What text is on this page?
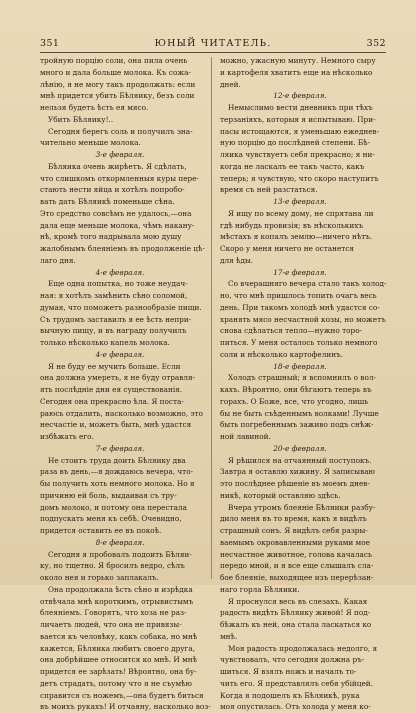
351	ЮНЫЙ ЧИТАТЕЛЬ.	352
тройную порцію соли, она пила очень
много и дала больше молока. Къ сожа-
лѣнію, я не могу такъ продолжать: если
мнѣ придется убить Бѣляику, безъ соли
нельзя будетъ ѣсть ея мясо.
Убить Бѣляику!..
Сегодня берегъ соль и получилъ зна-
чительно меньше молока.
3-е февраля.
Бѣляика очень жирѣетъ. Я сдѣлать,
что слишкомъ откормленныя куры пере-
стають нести яйца и хотѣлъ попробо-
вать дать Бѣляикѣ поменьше сѣна.
Это средство совсѣмъ не удалось,—она
дала еще меньше молока, чѣмъ накану-
нѣ, кромѣ того надрывала мою душу
жалобнымъ блеяніемъ въ продолженіе цѣ-
лаго дня.
4-е февраля.
Еще одна попытка, но тоже неудач-
ная: я хотѣлъ замѣнить сѣно соломой,
думая, что поможетъ разнообразіе пищи.
Съ трудомъ заставилъ я ее ѣсть непри-
вычную пищу, и въ награду получилъ
только нѣсколько капель молока.
4-е февраля.
Я не буду ее мучить больше. Если
она должна умереть, я не буду отравля-
ять послѣдніе дни ея существованія.
Сегодня она прекрасно ѣла. Я поста-
раюсь отдалить, насколько возможно, это
несчастіе и, можетъ быть, мнѣ удастся
избѣжать его.
7-е февраля.
Не стоитъ труда доить Бѣляику два
раза въ день,—я дождаюсь вечера, что-
бы получить хоть немного молока. Но я
причиню ей боль, выдаивая съ тру-
домъ молоко, и потому она перестала
подпускать меня къ себѣ. Очевидно,
придется оставить ее въ покоѣ.
8-е февраля.
Сегодня я пробовалъ подоить Бѣляи-
ку, но тщетно. Я бросилъ ведро, сѣлъ
около нея и горько заплакалъ.
Она продолжала ѣсть сѣно и изрѣдка
отвѣчала мнѣ короткимъ, отрывистымъ
блеяніемъ. Говорятъ, что хоза не раз-
личаетъ людей, что она не привязы-
вается къ человѣку, какъ собака, но мнѣ
кажется, Бѣляика любитъ своего друга,
она добрѣйшее относится ко мнѣ. И мнѣ
придется ее зарѣзать! Вѣроятно, она бу-
детъ страдать, потому что я не съумѣю
справится съ ножемъ,—она будетъ биться
въ моихъ рукахъ! И отчаяну, насколько воз-
можно, ужасную минуту. Немного сыру
и картофеля хватитъ еще на нѣсколько
дней.
12-е февраля.
Немыслимо вести дневникъ при тѣхъ
терзаніяхъ, которыя я испытываю. При-
пасы истощаются, я уменьшаю ежеднев-
ную порцію до послѣдней степени. Бѣ-
ляика чувствуетъ себя прекрасно; я ни-
когда не ласкалъ ее такъ часто, какъ
теперь; я чувствую, что скоро наступитъ
время съ ней разстаться.
13-е февраля.
Я ищу по всему дому, не спрятана ли
гдѣ нибудь провизія; въ нѣсколькихъ
мѣстахъ я копалъ землю—ничего нѣтъ.
Скоро у меня ничего не останется
для ѣды.
17-е февраля.
Со вчерашняго вечера стало такъ холод-
но, что мнѣ пришлось топить очагъ весь
день. При такомъ холодѣ мнѣ удастся со-
хранять мясо несчастной козы, но можетъ
снова сдѣлаться тепло—нужно торо-
питься. У меня осталось только немного
соли и нѣсколько картофелинъ.
18-е февраля.
Холодъ страшный; я вспомнилъ о вол-
кахъ. Вѣроятно, они бѣгаютъ теперь въ
горахъ. О Боже, все, что угодно, лишь
бы не быть съѣденнымъ волками! Лучше
быть погребеннымъ заживо подъ снѣж-
ной лавиной.
20-е февраля.
Я рѣшился на отчаянный поступокъ.
Завтра я оставлю хижину. Я записываю
это послѣднее рѣшеніе въ моемъ днев-
никѣ, который оставляю здѣсь.
Вчера утромъ блеяніе Бѣляики разбу-
дило меня въ то время, какъ я видѣлъ
страшный сонъ. Я видѣлъ себя разры-
ваемымъ окровавленными руками мое
несчастное животное, голова качалась
передо мной, и я все еще слышалъ сла-
бое блеяніе, выходящее изъ перерѣзан-
наго горла Бѣляики.
Я проснулся весь въ слезахъ. Какая
радость видѣть Бѣляику живой! Я под-
бѣжалъ къ ней, она стала ласкаться ко
мнѣ.
Моя радость продолжалась недолго, я
чувствовалъ, что сегодня должна ръ-
шиться. Я взялъ ножъ и началъ то-
чить его. Я представлялъ себя убійцей.
Когда я подошелъ къ Бѣляикѣ, рука
моя опустилась. Отъ холода у меня ко-
